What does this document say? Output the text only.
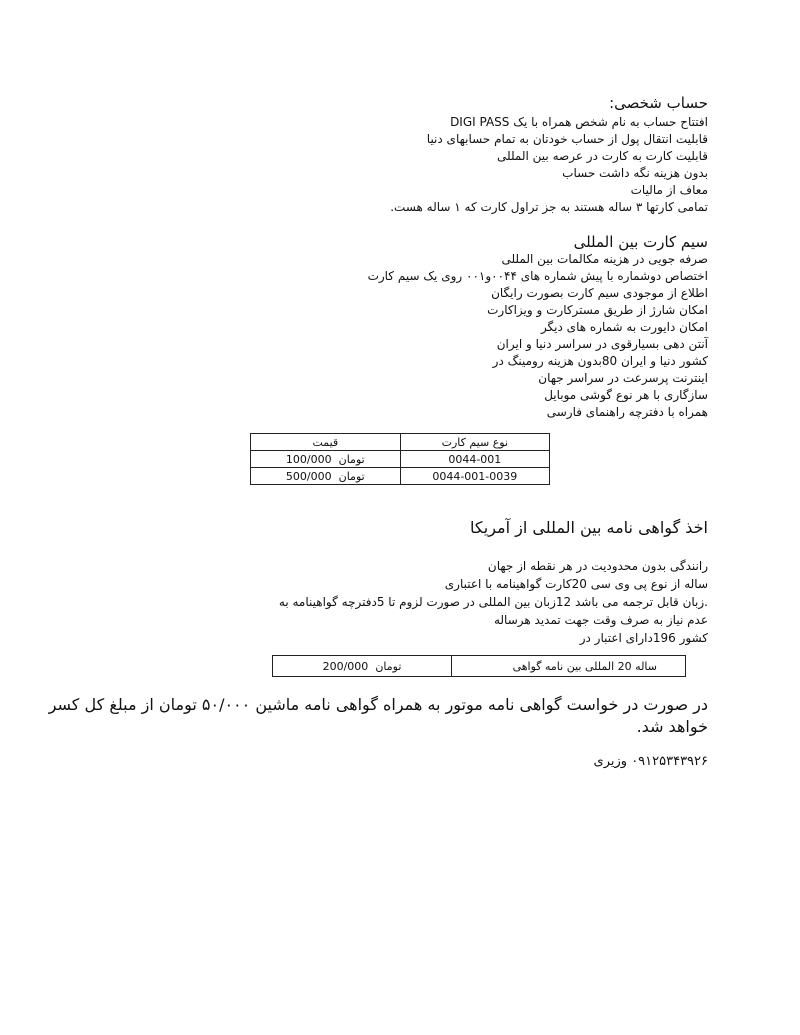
حساب شخصی:
افتتاح حساب به نام شخص همراه با یک DIGI PASS
قابلیت انتقال پول از حساب خودتان به تمام حسابهای دنیا
قابلیت کارت به کارت در عرصه بین المللی
بدون هزینه نگه داشت حساب
معاف از مالیات
تمامی کارتها ۳ ساله هستند به جز تراول کارت که ۱ ساله هست.
سیم کارت بین المللی
صرفه جویی در هزینه مکالمات بین المللی
اختصاص دوشماره با پیش شماره های ۰۰۴۴و۰۰۱ روی یک سیم کارت
اطلاع از موجودی سیم کارت بصورت رایگان
امکان شارژ از طریق مسترکارت و ویزاکارت
امکان دایورت به شماره های دیگر
آنتن دهی بسیارقوی در سراسر دنیا و ایران
کشور دنیا و ایران 80بدون هزینه رومینگ در
اینترنت پرسرعت در سراسر جهان
سازگاری با هر نوع گوشی موبایل
همراه با دفترچه راهنمای فارسی
نوع سیم کارت	قیمت
0044-001	تومان  100/000
0044-001-0039	تومان  500/000
اخذ گواهی نامه بین المللی از آمریکا
رانندگی بدون محدودیت در هر نقطه از جهان
ساله از نوع پی وی سی 20کارت گواهینامه با اعتباری
.زبان قابل ترجمه می باشد 12زبان بین المللی در صورت لزوم تا 5دفترچه گواهینامه به
عدم نیاز به صرف وقت جهت تمدید هرساله
کشور 196دارای اعتبار در
ساله 20 المللی بین نامه گواهی	تومان  200/000
در صورت در خواست گواهی نامه موتور به همراه گواهی نامه ماشین ۵۰/۰۰۰ تومان از مبلغ کل کسر
خواهد شد.
۰۹۱۲۵۳۴۳۹۲۶ وزیری
